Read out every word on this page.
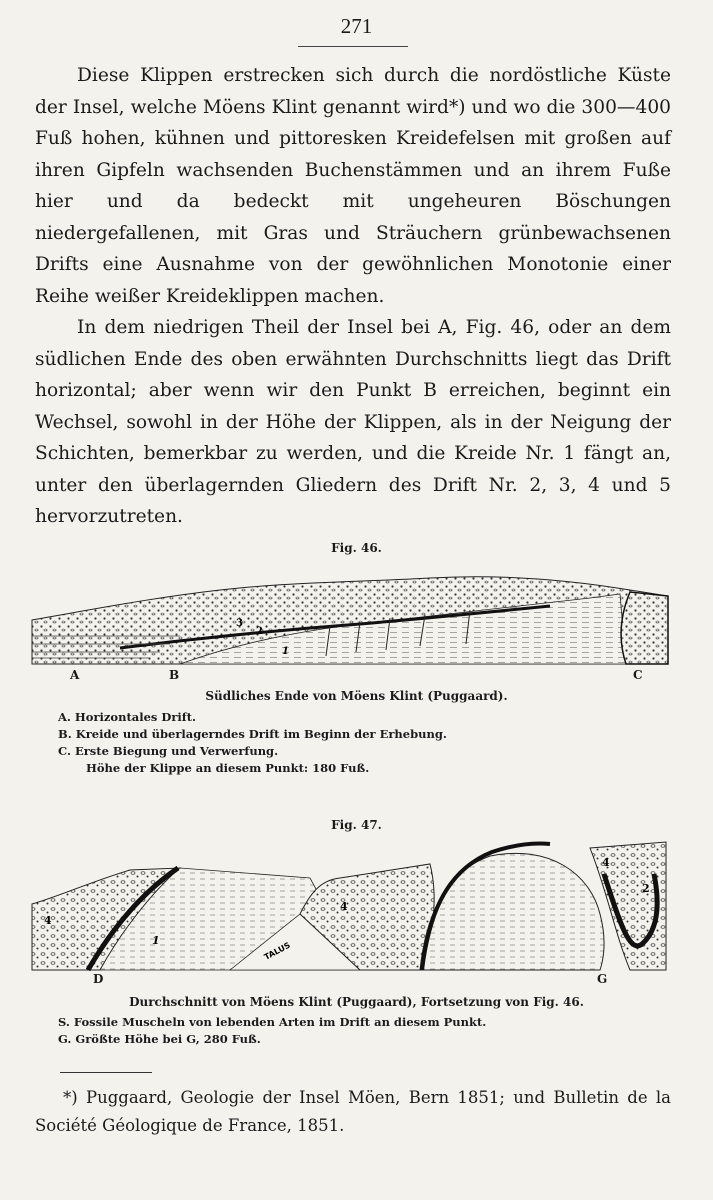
271

Diese Klippen erstrecken sich durch die nordöstliche Küste der Insel, welche Möens Klint genannt wird*) und wo die 300—400 Fuß hohen, kühnen und pittoresken Kreidefelsen mit großen auf ihren Gipfeln wachsenden Buchenstämmen und an ihrem Fuße hier und da bedeckt mit ungeheuren Böschungen niedergefallenen, mit Gras und Sträuchern grünbewachsenen Drifts eine Ausnahme von der gewöhnlichen Monotonie einer Reihe weißer Kreideklippen machen.

In dem niedrigen Theil der Insel bei A, Fig. 46, oder an dem südlichen Ende des oben erwähnten Durchschnitts liegt das Drift horizontal; aber wenn wir den Punkt B erreichen, beginnt ein Wechsel, sowohl in der Höhe der Klippen, als in der Neigung der Schichten, bemerkbar zu werden, und die Kreide Nr. 1 fängt an, unter den überlagernden Gliedern des Drift Nr. 2, 3, 4 und 5 hervorzutreten.

Fig. 46.
3
2
1
A	B	C
Südliches Ende von Möens Klint (Puggaard).
A. Horizontales Drift.
B. Kreide und überlagerndes Drift im Beginn der Erhebung.
C. Erste Biegung und Verwerfung.
Höhe der Klippe an diesem Punkt: 180 Fuß.
Fig. 47.
4
1
4
4
2
TALUS
D	G
Durchschnitt von Möens Klint (Puggaard), Fortsetzung von Fig. 46.
S. Fossile Muscheln von lebenden Arten im Drift an diesem Punkt.
G. Größte Höhe bei G, 280 Fuß.

*) Puggaard, Geologie der Insel Möen, Bern 1851; und Bulletin de la Société Géologique de France, 1851.
